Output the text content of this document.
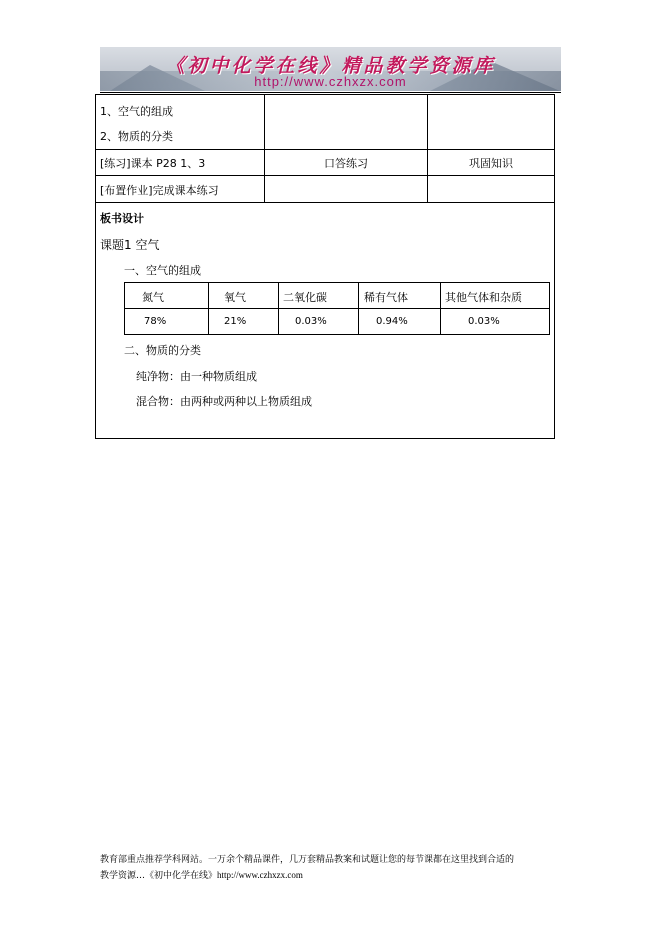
《初中化学在线》精品教学资源库
http://www.czhxzx.com
1、空气的组成
2、物质的分类
[练习]课本 P28 1、3	口答练习	巩固知识
[布置作业]完成课本练习
板书设计
课题1 空气
一、空气的组成
氮气	氧气	二氧化碳	稀有气体	其他气体和杂质
78%	21%	0.03%	0.94%	0.03%
二、物质的分类
纯净物：由一种物质组成
混合物：由两种或两种以上物质组成
教育部重点推荐学科网站。一万余个精品课件，几万套精品教案和试题让您的每节课都在这里找到合适的
教学资源…《初中化学在线》http://www.czhxzx.com
